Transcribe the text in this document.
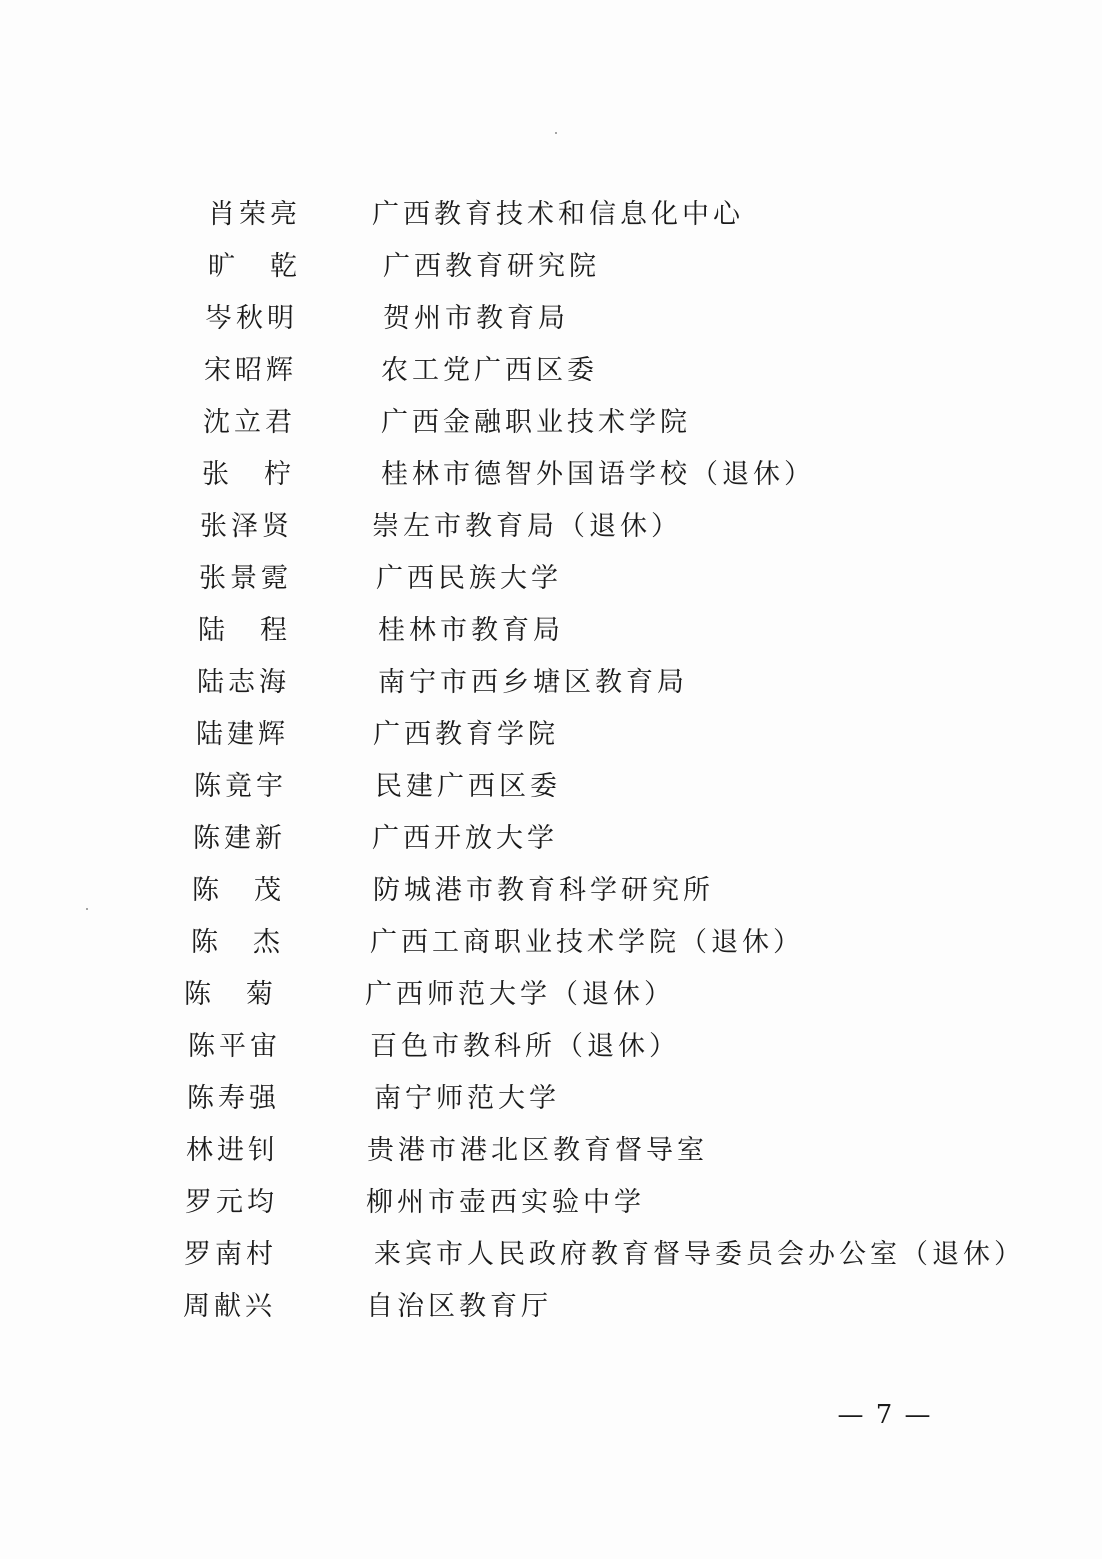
肖荣亮	广西教育技术和信息化中心
旷　乾	广西教育研究院
岑秋明	贺州市教育局
宋昭辉	农工党广西区委
沈立君	广西金融职业技术学院
张　柠	桂林市德智外国语学校（退休）
张泽贤	崇左市教育局（退休）
张景霓	广西民族大学
陆　程	桂林市教育局
陆志海	南宁市西乡塘区教育局
陆建辉	广西教育学院
陈竟宇	民建广西区委
陈建新	广西开放大学
陈　茂	防城港市教育科学研究所
陈　杰	广西工商职业技术学院（退休）
陈　菊	广西师范大学（退休）
陈平宙	百色市教科所（退休）
陈寿强	南宁师范大学
林进钊	贵港市港北区教育督导室
罗元均	柳州市壶西实验中学
罗南村	来宾市人民政府教育督导委员会办公室（退休）
周献兴	自治区教育厅
— 7 —
